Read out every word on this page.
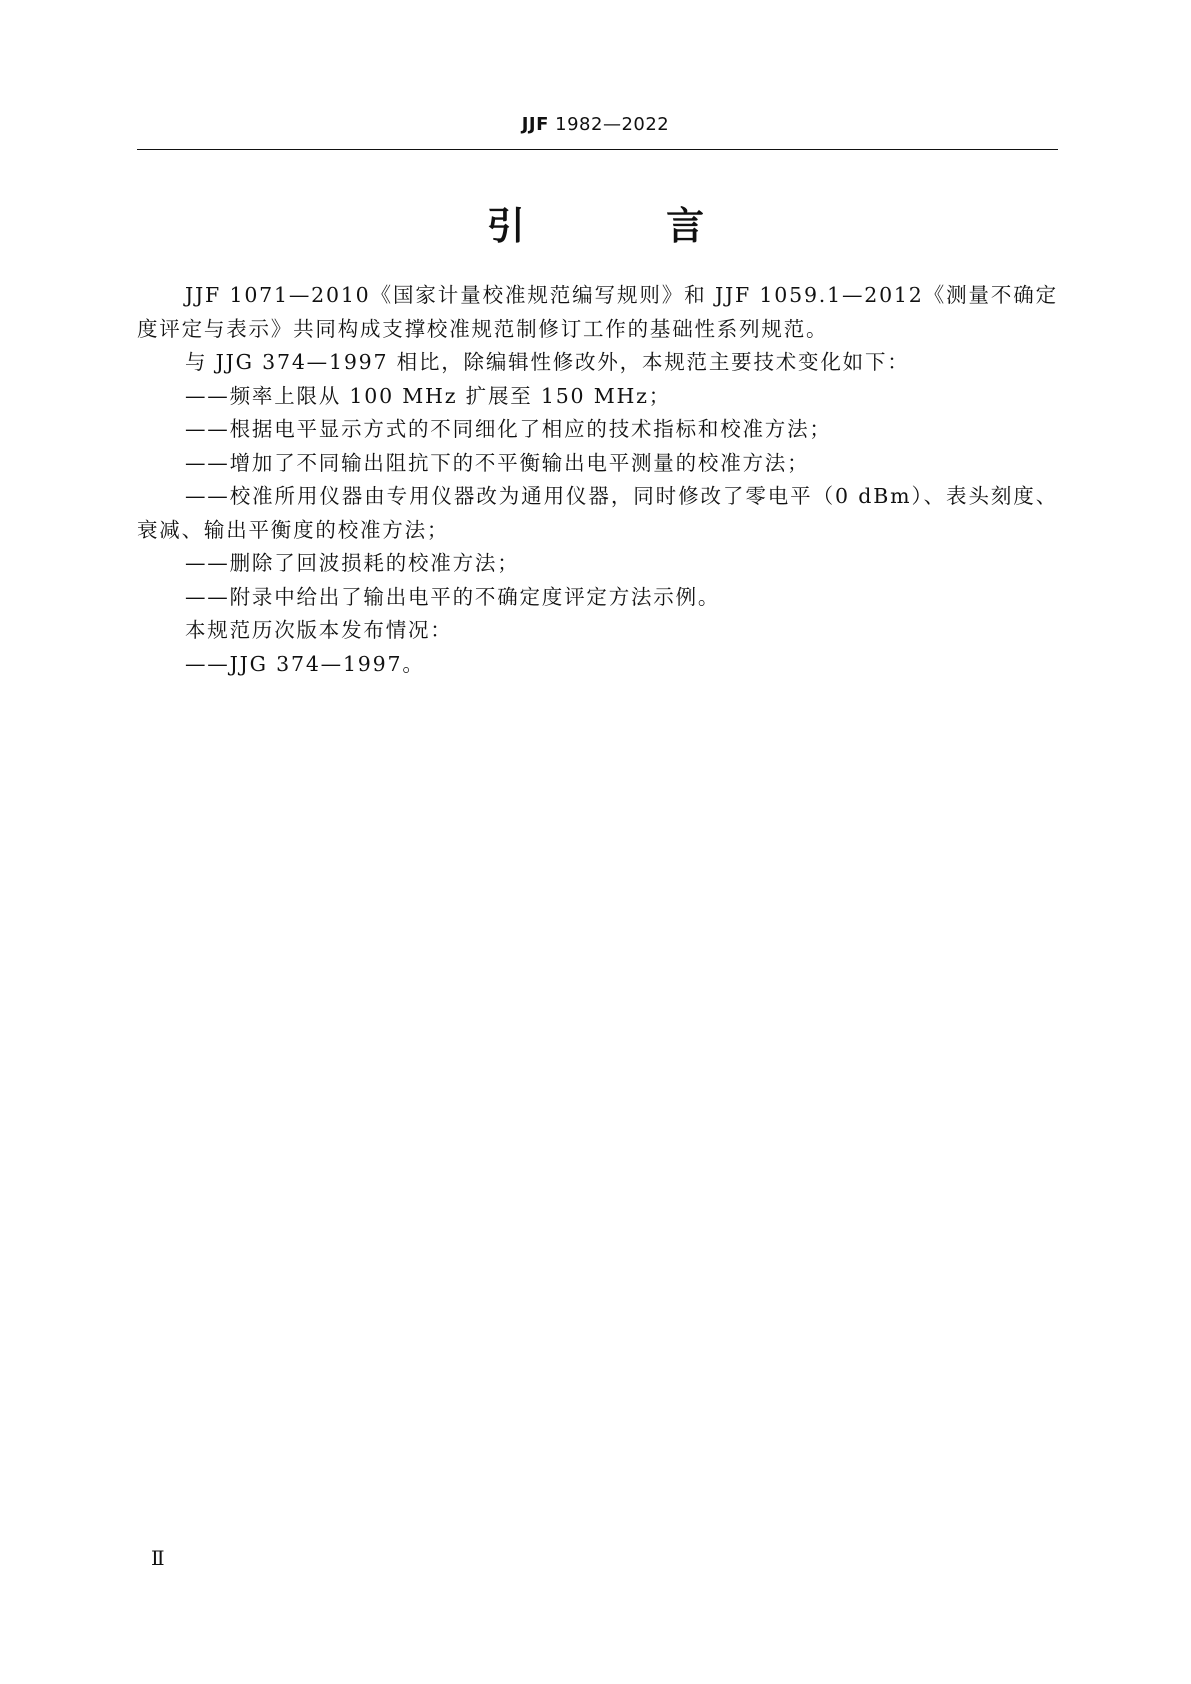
JJF 1982—2022
引 言

JJF 1071—2010《国家计量校准规范编写规则》和 JJF 1059.1—2012《测量不确定度评定与表示》共同构成支撑校准规范制修订工作的基础性系列规范。

与 JJG 374—1997 相比，除编辑性修改外，本规范主要技术变化如下：

——频率上限从 100 MHz 扩展至 150 MHz；

——根据电平显示方式的不同细化了相应的技术指标和校准方法；

——增加了不同输出阻抗下的不平衡输出电平测量的校准方法；

——校准所用仪器由专用仪器改为通用仪器，同时修改了零电平（0 dBm）、表头刻度、衰减、输出平衡度的校准方法；

——删除了回波损耗的校准方法；

——附录中给出了输出电平的不确定度评定方法示例。

本规范历次版本发布情况：

——JJG 374—1997。

Ⅱ
